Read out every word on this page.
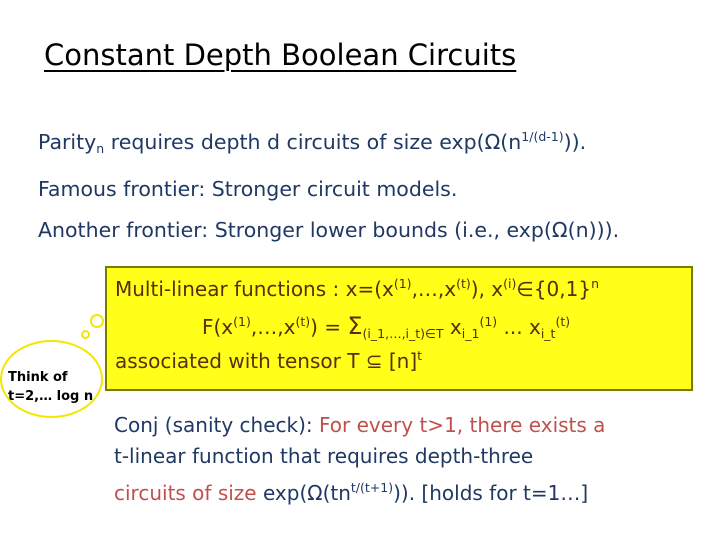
Constant Depth Boolean Circuits
Parity$_n$ requires depth d circuits of size $\exp(\Omega(n^{1/(d-1)}))$.
Famous frontier: Stronger circuit models.
Another frontier: Stronger lower bounds (i.e., exp(Ω(n))).
Think of
t=2,… log n
Multi-linear functions : $x=(x^{(1)},\dots,x^{(t)})$, $x^{(i)}\in\{0,1\}^n$
$F(x^{(1)},\dots,x^{(t)}) = \Sigma_{(i\_1,\dots,i\_t)\in T}$ $x_{i\_1}^{(1)}$ ... $x_{i\_t}^{(t)}$
associated with tensor T ⊆ $[n]^t$
Conj (sanity check): For every t>1, there exists a
t-linear function that requires depth-three
circuits of size $\exp(\Omega(tn^{t/(t+1)}))$. [holds for t=1…]
